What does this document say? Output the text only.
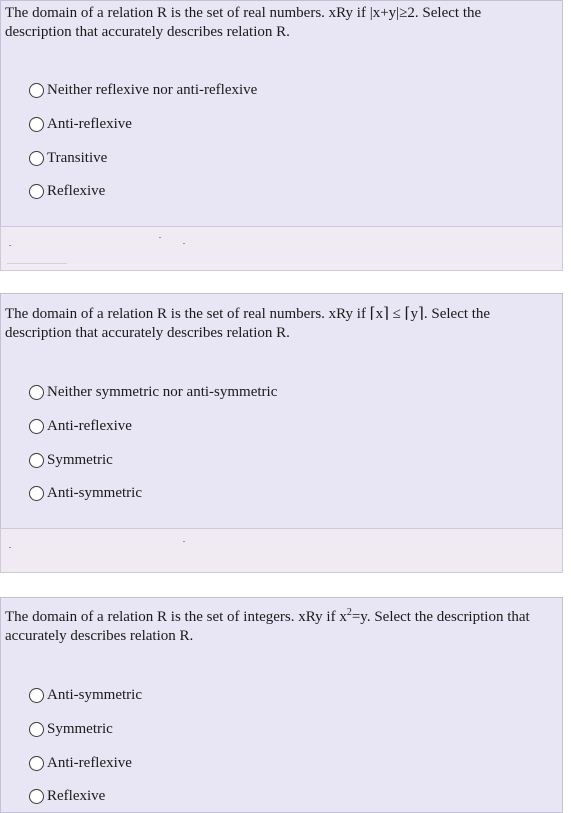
The domain of a relation R is the set of real numbers. xRy if |x+y|≥2. Select the description that accurately describes relation R.

Neither reflexive nor anti-reflexive
Anti-reflexive
Transitive
Reflexive

The domain of a relation R is the set of real numbers. xRy if ⌈x⌉ ≤ ⌈y⌉. Select the description that accurately describes relation R.

Neither symmetric nor anti-symmetric
Anti-reflexive
Symmetric
Anti-symmetric

The domain of a relation R is the set of integers. xRy if $x^2=y$. Select the description that accurately describes relation R.

Anti-symmetric
Symmetric
Anti-reflexive
Reflexive
